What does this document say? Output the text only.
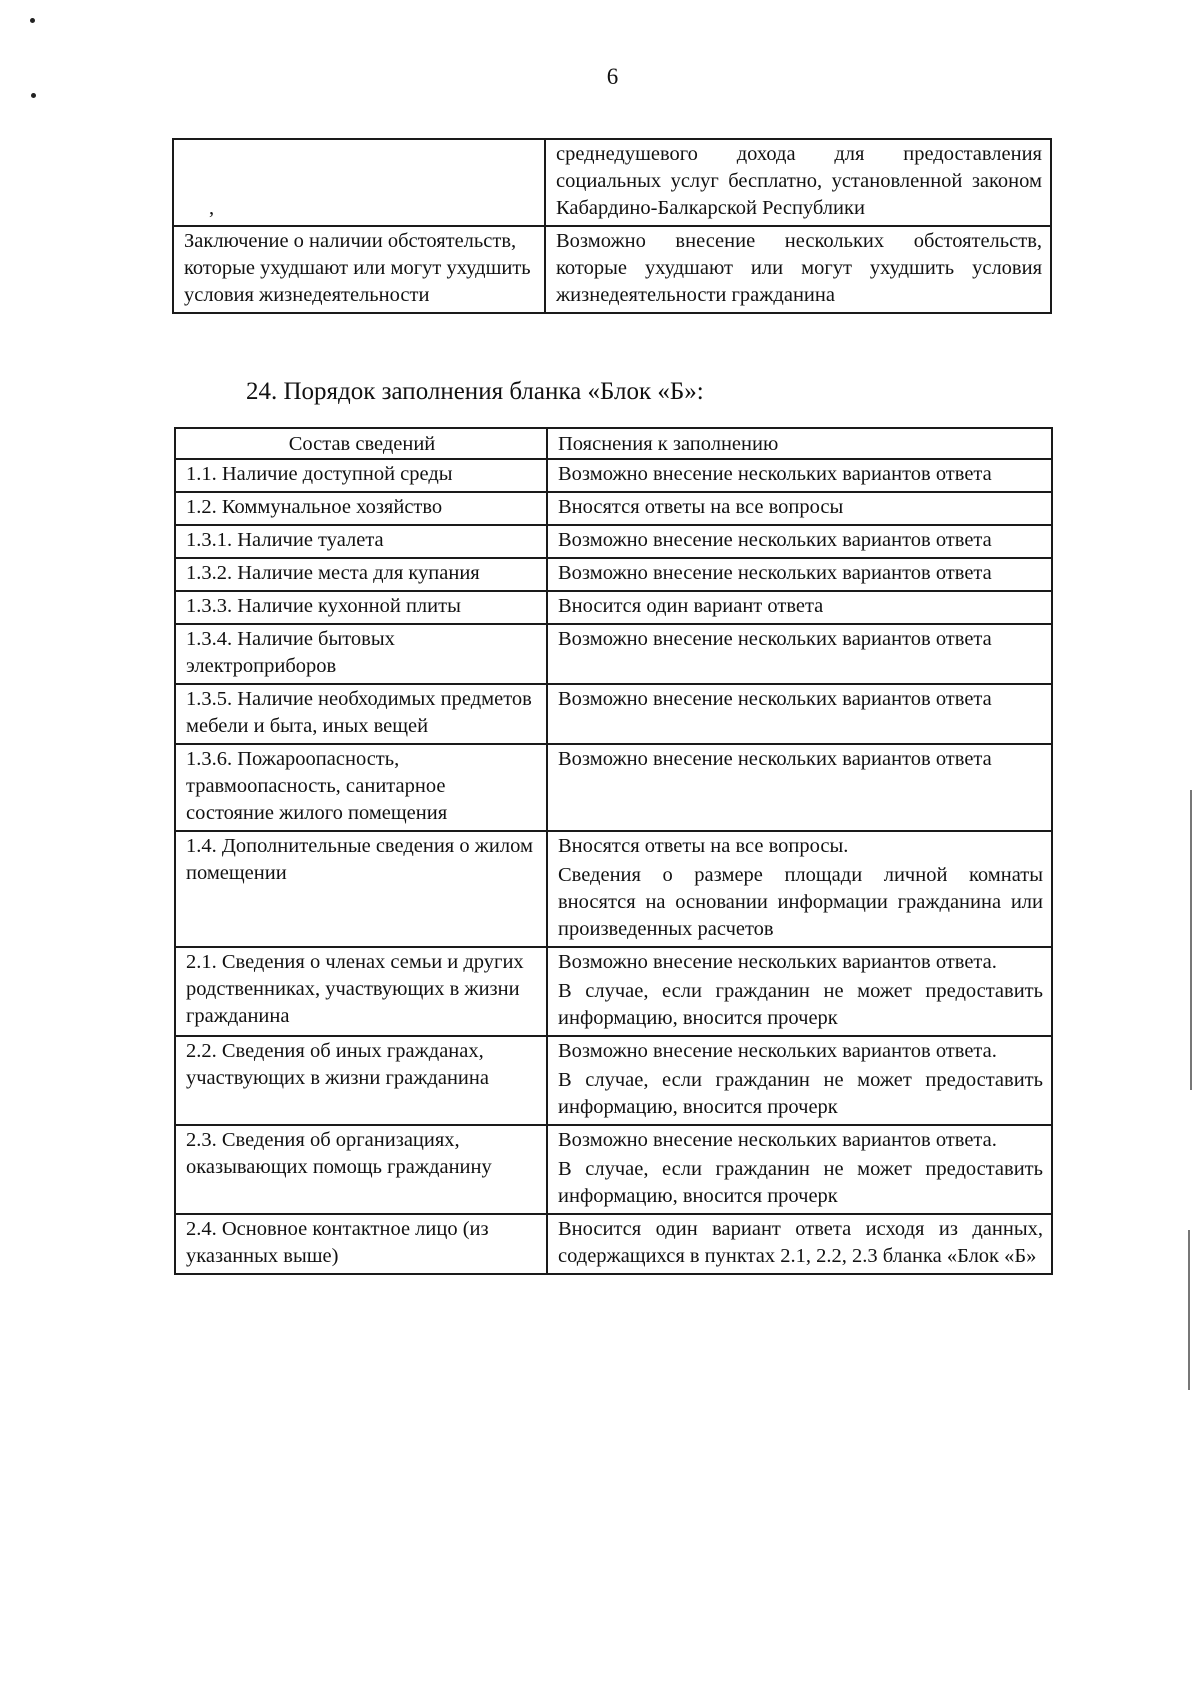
6
,	среднедушевого дохода для предоставления социальных услуг бесплатно, установленной законом Кабардино-Балкарской Республики

Заключение о наличии обстоятельств, которые ухудшают или могут ухудшить условия жизнедеятельности	Возможно внесение нескольких обстоятельств, которые ухудшают или могут ухудшить условия жизнедеятельности гражданина

24. Порядок заполнения бланка «Блок «Б»:
Состав сведений	Пояснения к заполнению
1.1. Наличие доступной среды	Возможно внесение нескольких вариантов ответа

1.2. Коммунальное хозяйство	Вносятся ответы на все вопросы

1.3.1. Наличие туалета	Возможно внесение нескольких вариантов ответа

1.3.2. Наличие места для купания	Возможно внесение нескольких вариантов ответа

1.3.3. Наличие кухонной плиты	Вносится один вариант ответа

1.3.4. Наличие бытовых электроприборов	Возможно внесение нескольких вариантов ответа

1.3.5. Наличие необходимых предметов мебели и быта, иных вещей	Возможно внесение нескольких вариантов ответа

1.3.6. Пожароопасность, травмоопасность, санитарное состояние жилого помещения	Возможно внесение нескольких вариантов ответа

1.4. Дополнительные сведения о жилом помещении	Вносятся ответы на все вопросы.

Сведения о размере площади личной комнаты вносятся на основании информации гражданина или произведенных расчетов

2.1. Сведения о членах семьи и других родственниках, участвующих в жизни гражданина	Возможно внесение нескольких вариантов ответа.

В случае, если гражданин не может предоставить информацию, вносится прочерк

2.2. Сведения об иных гражданах, участвующих в жизни гражданина	Возможно внесение нескольких вариантов ответа.

В случае, если гражданин не может предоставить информацию, вносится прочерк

2.3. Сведения об организациях, оказывающих помощь гражданину	Возможно внесение нескольких вариантов ответа.

В случае, если гражданин не может предоставить информацию, вносится прочерк

2.4. Основное контактное лицо (из указанных выше)	Вносится один вариант ответа исходя из данных, содержащихся в пунктах 2.1, 2.2, 2.3 бланка «Блок «Б»
